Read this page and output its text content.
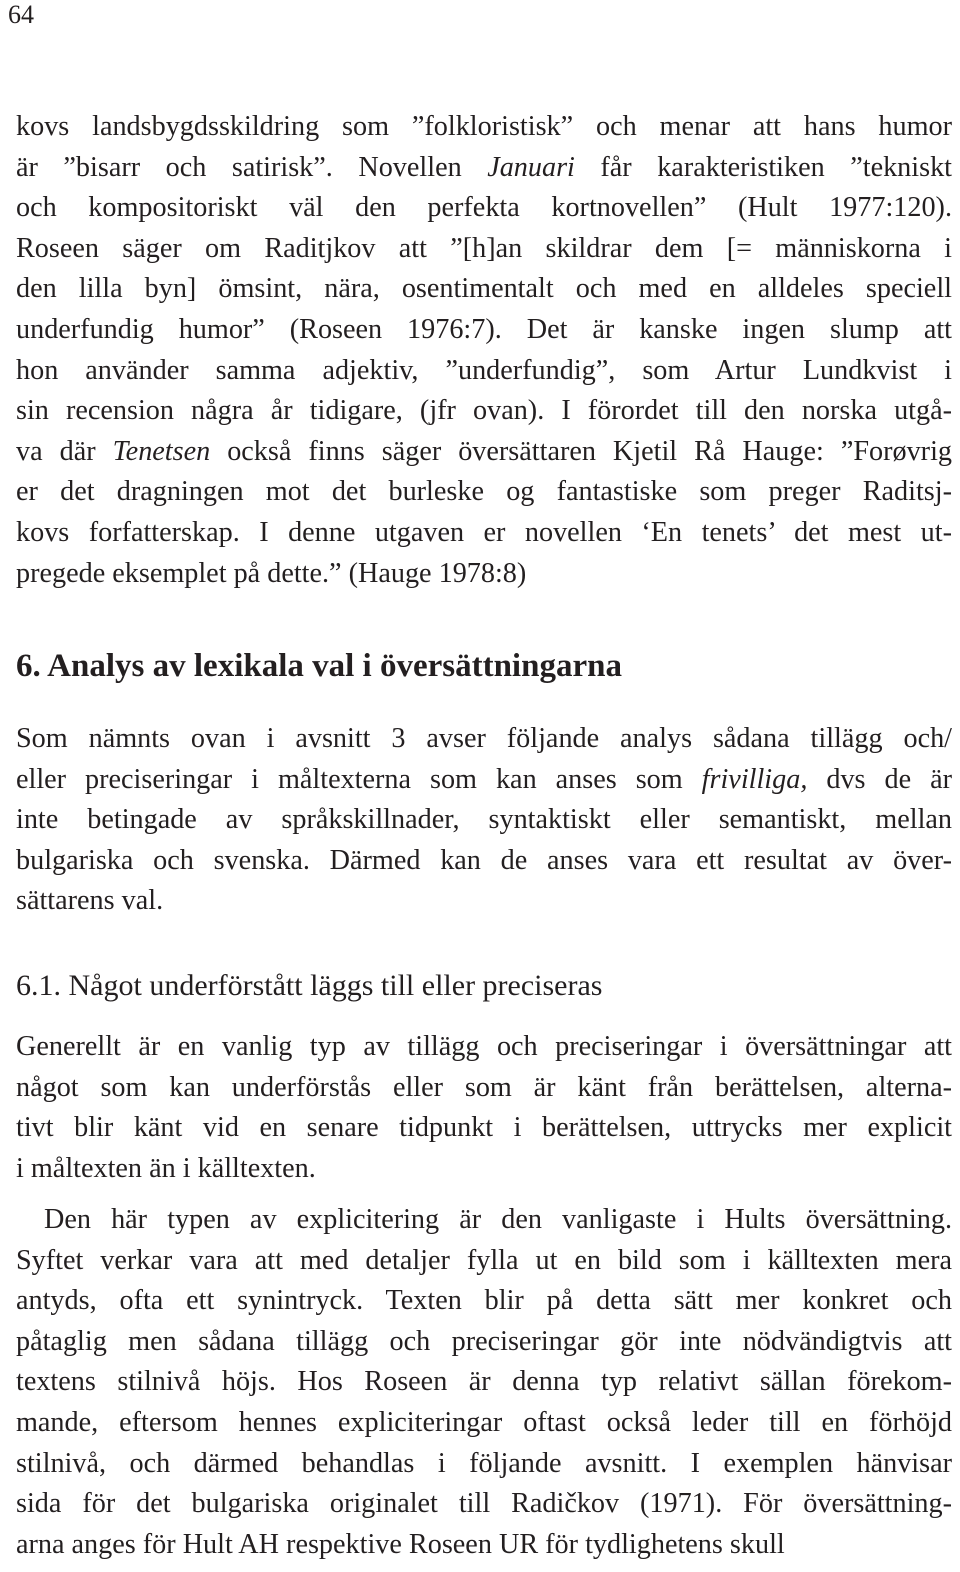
64
kovs landsbygdsskildring som ”folkloristisk” och menar att hans humor
är ”bisarr och satirisk”. Novellen Januari får karakteristiken ”tekniskt
och kompositoriskt väl den perfekta kortnovellen” (Hult 1977:120).
Roseen säger om Raditjkov att ”[h]an skildrar dem [= människorna i
den lilla byn] ömsint, nära, osentimentalt och med en alldeles speciell
underfundig humor” (Roseen 1976:7). Det är kanske ingen slump att
hon använder samma adjektiv, ”underfundig”, som Artur Lundkvist i
sin recension några år tidigare, (jfr ovan). I förordet till den norska utgå-
va där Tenetsen också finns säger översättaren Kjetil Rå Hauge: ”Forøvrig
er det dragningen mot det burleske og fantastiske som preger Raditsj-
kovs forfatterskap. I denne utgaven er novellen ‘En tenets’ det mest ut-
pregede eksemplet på dette.” (Hauge 1978:8)
6. Analys av lexikala val i översättningarna
Som nämnts ovan i avsnitt 3 avser följande analys sådana tillägg och/
eller preciseringar i måltexterna som kan anses som frivilliga, dvs de är
inte betingade av språkskillnader, syntaktiskt eller semantiskt, mellan
bulgariska och svenska. Därmed kan de anses vara ett resultat av över-
sättarens val.
6.1. Något underförstått läggs till eller preciseras
Generellt är en vanlig typ av tillägg och preciseringar i översättningar att
något som kan underförstås eller som är känt från berättelsen, alterna-
tivt blir känt vid en senare tidpunkt i berättelsen, uttrycks mer explicit
i måltexten än i källtexten.
Den här typen av explicitering är den vanligaste i Hults översättning.
Syftet verkar vara att med detaljer fylla ut en bild som i källtexten mera
antyds, ofta ett synintryck. Texten blir på detta sätt mer konkret och
påtaglig men sådana tillägg och preciseringar gör inte nödvändigtvis att
textens stilnivå höjs. Hos Roseen är denna typ relativt sällan förekom-
mande, eftersom hennes expliciteringar oftast också leder till en förhöjd
stilnivå, och därmed behandlas i följande avsnitt. I exemplen hänvisar
sida för det bulgariska originalet till Radičkov (1971). För översättning-
arna anges för Hult AH respektive Roseen UR för tydlighetens skull
